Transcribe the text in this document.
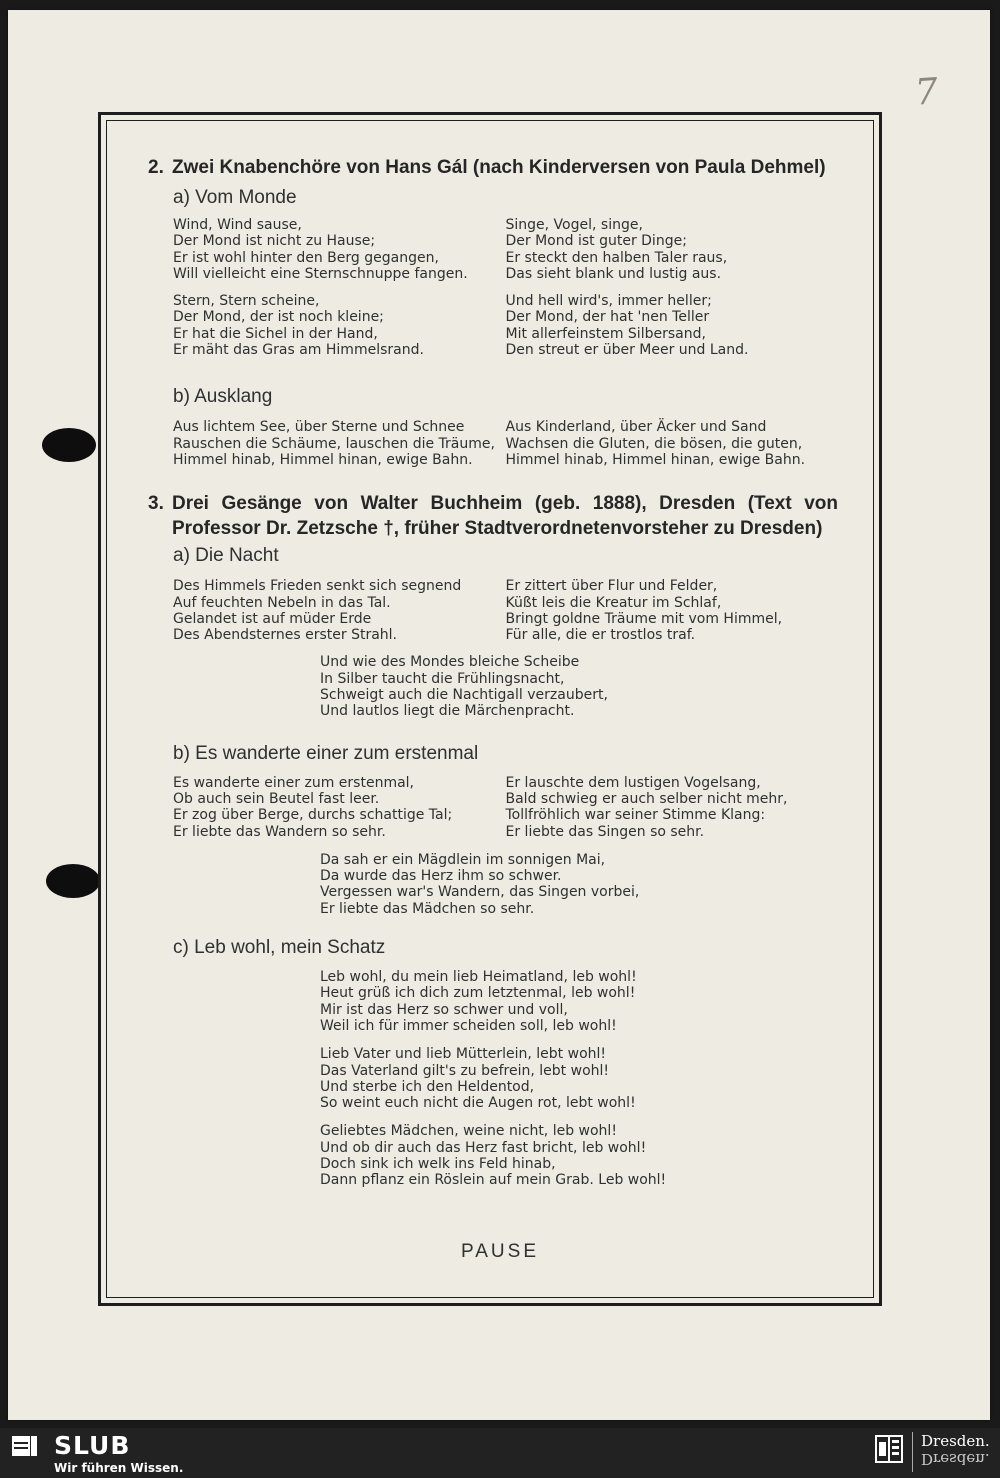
7
2. Zwei Knabenchöre von Hans Gál (nach Kinderversen von Paula Dehmel)
a) Vom Monde
Wind, Wind sause,
Der Mond ist nicht zu Hause;
Er ist wohl hinter den Berg gegangen,
Will vielleicht eine Sternschnuppe fangen.
Stern, Stern scheine,
Der Mond, der ist noch kleine;
Er hat die Sichel in der Hand,
Er mäht das Gras am Himmelsrand.
Singe, Vogel, singe,
Der Mond ist guter Dinge;
Er steckt den halben Taler raus,
Das sieht blank und lustig aus.
Und hell wird's, immer heller;
Der Mond, der hat 'nen Teller
Mit allerfeinstem Silbersand,
Den streut er über Meer und Land.
b) Ausklang
Aus lichtem See, über Sterne und Schnee
Rauschen die Schäume, lauschen die Träume,
Himmel hinab, Himmel hinan, ewige Bahn.
Aus Kinderland, über Äcker und Sand
Wachsen die Gluten, die bösen, die guten,
Himmel hinab, Himmel hinan, ewige Bahn.
3. Drei Gesänge von Walter Buchheim (geb. 1888), Dresden (Text von Professor Dr. Zetzsche †, früher Stadtverordnetenvorsteher zu Dresden)
a) Die Nacht
Des Himmels Frieden senkt sich segnend
Auf feuchten Nebeln in das Tal.
Gelandet ist auf müder Erde
Des Abendsternes erster Strahl.
Er zittert über Flur und Felder,
Küßt leis die Kreatur im Schlaf,
Bringt goldne Träume mit vom Himmel,
Für alle, die er trostlos traf.
Und wie des Mondes bleiche Scheibe
In Silber taucht die Frühlingsnacht,
Schweigt auch die Nachtigall verzaubert,
Und lautlos liegt die Märchenpracht.
b) Es wanderte einer zum erstenmal
Es wanderte einer zum erstenmal,
Ob auch sein Beutel fast leer.
Er zog über Berge, durchs schattige Tal;
Er liebte das Wandern so sehr.
Er lauschte dem lustigen Vogelsang,
Bald schwieg er auch selber nicht mehr,
Tollfröhlich war seiner Stimme Klang:
Er liebte das Singen so sehr.
Da sah er ein Mägdlein im sonnigen Mai,
Da wurde das Herz ihm so schwer.
Vergessen war's Wandern, das Singen vorbei,
Er liebte das Mädchen so sehr.
c) Leb wohl, mein Schatz
Leb wohl, du mein lieb Heimatland, leb wohl!
Heut grüß ich dich zum letztenmal, leb wohl!
Mir ist das Herz so schwer und voll,
Weil ich für immer scheiden soll, leb wohl!
Lieb Vater und lieb Mütterlein, lebt wohl!
Das Vaterland gilt's zu befrein, lebt wohl!
Und sterbe ich den Heldentod,
So weint euch nicht die Augen rot, lebt wohl!
Geliebtes Mädchen, weine nicht, leb wohl!
Und ob dir auch das Herz fast bricht, leb wohl!
Doch sink ich welk ins Feld hinab,
Dann pflanz ein Röslein auf mein Grab. Leb wohl!
PAUSE
SLUB
Wir führen Wissen.
Dresden.
Dresden.
